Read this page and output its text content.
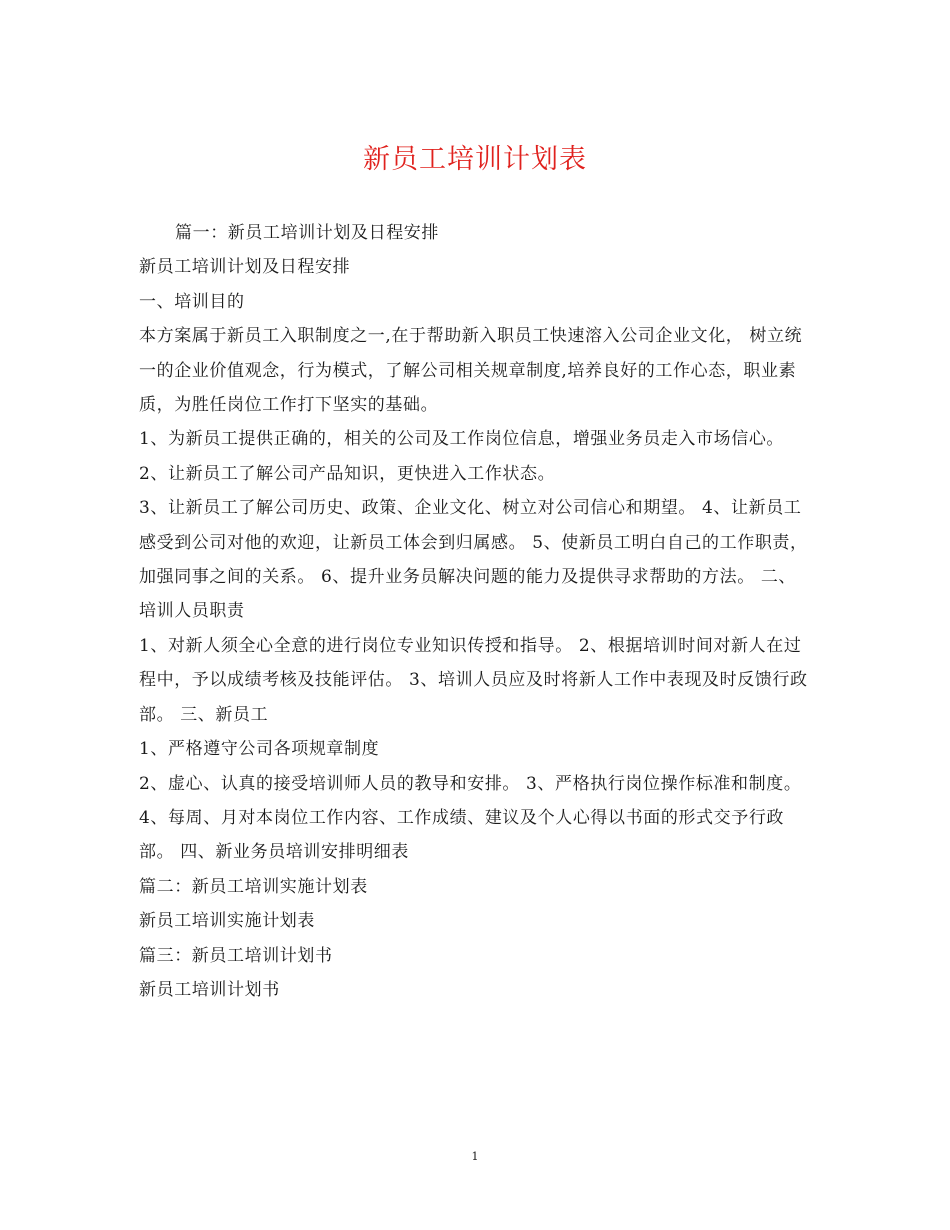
新员工培训计划表

篇一：新员工培训计划及日程安排

新员工培训计划及日程安排

一、培训目的

本方案属于新员工入职制度之一,在于帮助新入职员工快速溶入公司企业文化， 树立统一的企业价值观念，行为模式，了解公司相关规章制度,培养良好的工作心态，职业素质，为胜任岗位工作打下坚实的基础。

1、为新员工提供正确的，相关的公司及工作岗位信息，增强业务员走入市场信心。 2、让新员工了解公司产品知识，更快进入工作状态。

3、让新员工了解公司历史、政策、企业文化、树立对公司信心和期望。 4、让新员工感受到公司对他的欢迎，让新员工体会到归属感。 5、使新员工明白自己的工作职责，加强同事之间的关系。 6、提升业务员解决问题的能力及提供寻求帮助的方法。 二、培训人员职责

1、对新人须全心全意的进行岗位专业知识传授和指导。 2、根据培训时间对新人在过程中，予以成绩考核及技能评估。 3、培训人员应及时将新人工作中表现及时反馈行政部。 三、新员工

1、严格遵守公司各项规章制度

2、虚心、认真的接受培训师人员的教导和安排。 3、严格执行岗位操作标准和制度。

4、每周、月对本岗位工作内容、工作成绩、建议及个人心得以书面的形式交予行政部。 四、新业务员培训安排明细表

篇二：新员工培训实施计划表

新员工培训实施计划表

篇三：新员工培训计划书

新员工培训计划书

1
